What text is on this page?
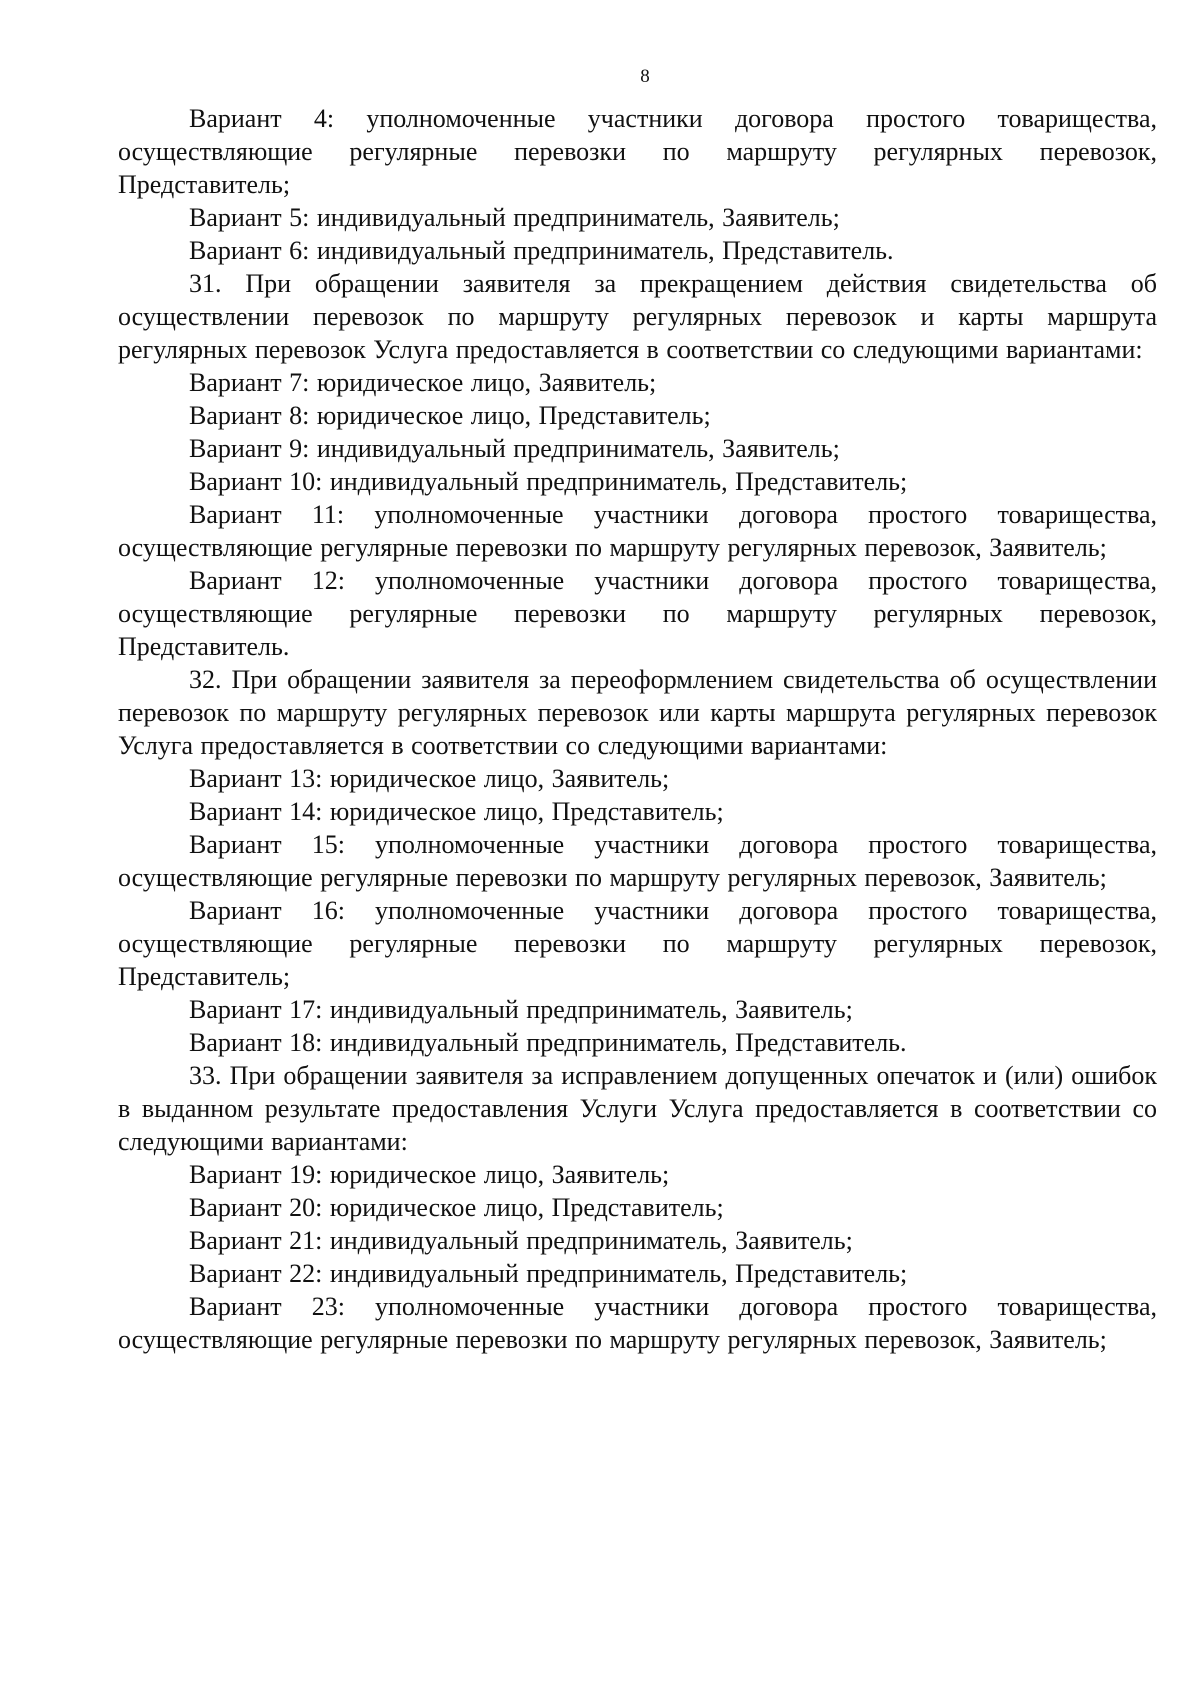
8

Вариант 4: уполномоченные участники договора простого товарищества, осуществляющие регулярные перевозки по маршруту регулярных перевозок, Представитель;

Вариант 5: индивидуальный предприниматель, Заявитель;

Вариант 6: индивидуальный предприниматель, Представитель.

31. При обращении заявителя за прекращением действия свидетельства об осуществлении перевозок по маршруту регулярных перевозок и карты маршрута регулярных перевозок Услуга предоставляется в соответствии со следующими вариантами:

Вариант 7: юридическое лицо, Заявитель;

Вариант 8: юридическое лицо, Представитель;

Вариант 9: индивидуальный предприниматель, Заявитель;

Вариант 10: индивидуальный предприниматель, Представитель;

Вариант 11: уполномоченные участники договора простого товарищества, осуществляющие регулярные перевозки по маршруту регулярных перевозок, Заявитель;

Вариант 12: уполномоченные участники договора простого товарищества, осуществляющие регулярные перевозки по маршруту регулярных перевозок, Представитель.

32. При обращении заявителя за переоформлением свидетельства об осуществлении перевозок по маршруту регулярных перевозок или карты маршрута регулярных перевозок Услуга предоставляется в соответствии со следующими вариантами:

Вариант 13: юридическое лицо, Заявитель;

Вариант 14: юридическое лицо, Представитель;

Вариант 15: уполномоченные участники договора простого товарищества, осуществляющие регулярные перевозки по маршруту регулярных перевозок, Заявитель;

Вариант 16: уполномоченные участники договора простого товарищества, осуществляющие регулярные перевозки по маршруту регулярных перевозок, Представитель;

Вариант 17: индивидуальный предприниматель, Заявитель;

Вариант 18: индивидуальный предприниматель, Представитель.

33. При обращении заявителя за исправлением допущенных опечаток и (или) ошибок в выданном результате предоставления Услуги Услуга предоставляется в соответствии со следующими вариантами:

Вариант 19: юридическое лицо, Заявитель;

Вариант 20: юридическое лицо, Представитель;

Вариант 21: индивидуальный предприниматель, Заявитель;

Вариант 22: индивидуальный предприниматель, Представитель;

Вариант 23: уполномоченные участники договора простого товарищества, осуществляющие регулярные перевозки по маршруту регулярных перевозок, Заявитель;
